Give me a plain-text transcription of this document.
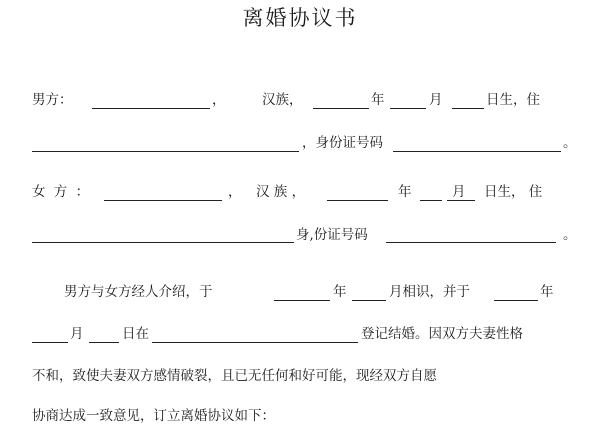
离婚协议书
男方：	，	汉族，	年	月	日生，住
，身份证号码	。
女 方 ：	， 汉 族 ，	年	月 日生， 住
身,份证号码	。
男方与女方经人介绍，于	年	月相识，并于	年
月	日在	登记结婚。因双方夫妻性格
不和，致使夫妻双方感情破裂，且已无任何和好可能，现经双方自愿
协商达成一致意见，订立离婚协议如下：
